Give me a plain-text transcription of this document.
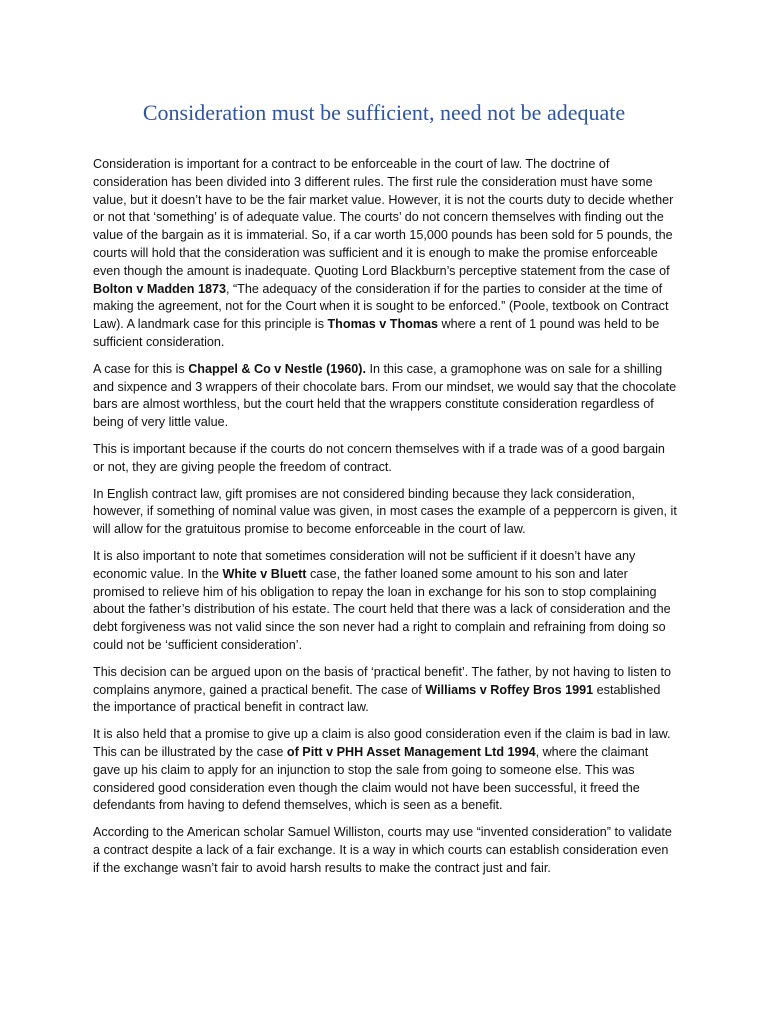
Consideration must be sufficient, need not be adequate

Consideration is important for a contract to be enforceable in the court of law. The doctrine of consideration has been divided into 3 different rules. The first rule the consideration must have some value, but it doesn’t have to be the fair market value. However, it is not the courts duty to decide whether or not that ‘something’ is of adequate value. The courts’ do not concern themselves with finding out the value of the bargain as it is immaterial. So, if a car worth 15,000 pounds has been sold for 5 pounds, the courts will hold that the consideration was sufficient and it is enough to make the promise enforceable even though the amount is inadequate. Quoting Lord Blackburn’s perceptive statement from the case of Bolton v Madden 1873, “The adequacy of the consideration if for the parties to consider at the time of making the agreement, not for the Court when it is sought to be enforced.” (Poole, textbook on Contract Law). A landmark case for this principle is Thomas v Thomas where a rent of 1 pound was held to be sufficient consideration.

A case for this is Chappel & Co v Nestle (1960). In this case, a gramophone was on sale for a shilling and sixpence and 3 wrappers of their chocolate bars. From our mindset, we would say that the chocolate bars are almost worthless, but the court held that the wrappers constitute consideration regardless of being of very little value.

This is important because if the courts do not concern themselves with if a trade was of a good bargain or not, they are giving people the freedom of contract.

In English contract law, gift promises are not considered binding because they lack consideration, however, if something of nominal value was given, in most cases the example of a peppercorn is given, it will allow for the gratuitous promise to become enforceable in the court of law.

It is also important to note that sometimes consideration will not be sufficient if it doesn’t have any economic value. In the White v Bluett case, the father loaned some amount to his son and later promised to relieve him of his obligation to repay the loan in exchange for his son to stop complaining about the father’s distribution of his estate. The court held that there was a lack of consideration and the debt forgiveness was not valid since the son never had a right to complain and refraining from doing so could not be ‘sufficient consideration’.

This decision can be argued upon on the basis of ‘practical benefit’. The father, by not having to listen to complains anymore, gained a practical benefit. The case of Williams v Roffey Bros 1991 established the importance of practical benefit in contract law.

It is also held that a promise to give up a claim is also good consideration even if the claim is bad in law. This can be illustrated by the case of Pitt v PHH Asset Management Ltd 1994, where the claimant gave up his claim to apply for an injunction to stop the sale from going to someone else. This was considered good consideration even though the claim would not have been successful, it freed the defendants from having to defend themselves, which is seen as a benefit.

According to the American scholar Samuel Williston, courts may use “invented consideration” to validate a contract despite a lack of a fair exchange. It is a way in which courts can establish consideration even if the exchange wasn’t fair to avoid harsh results to make the contract just and fair.
